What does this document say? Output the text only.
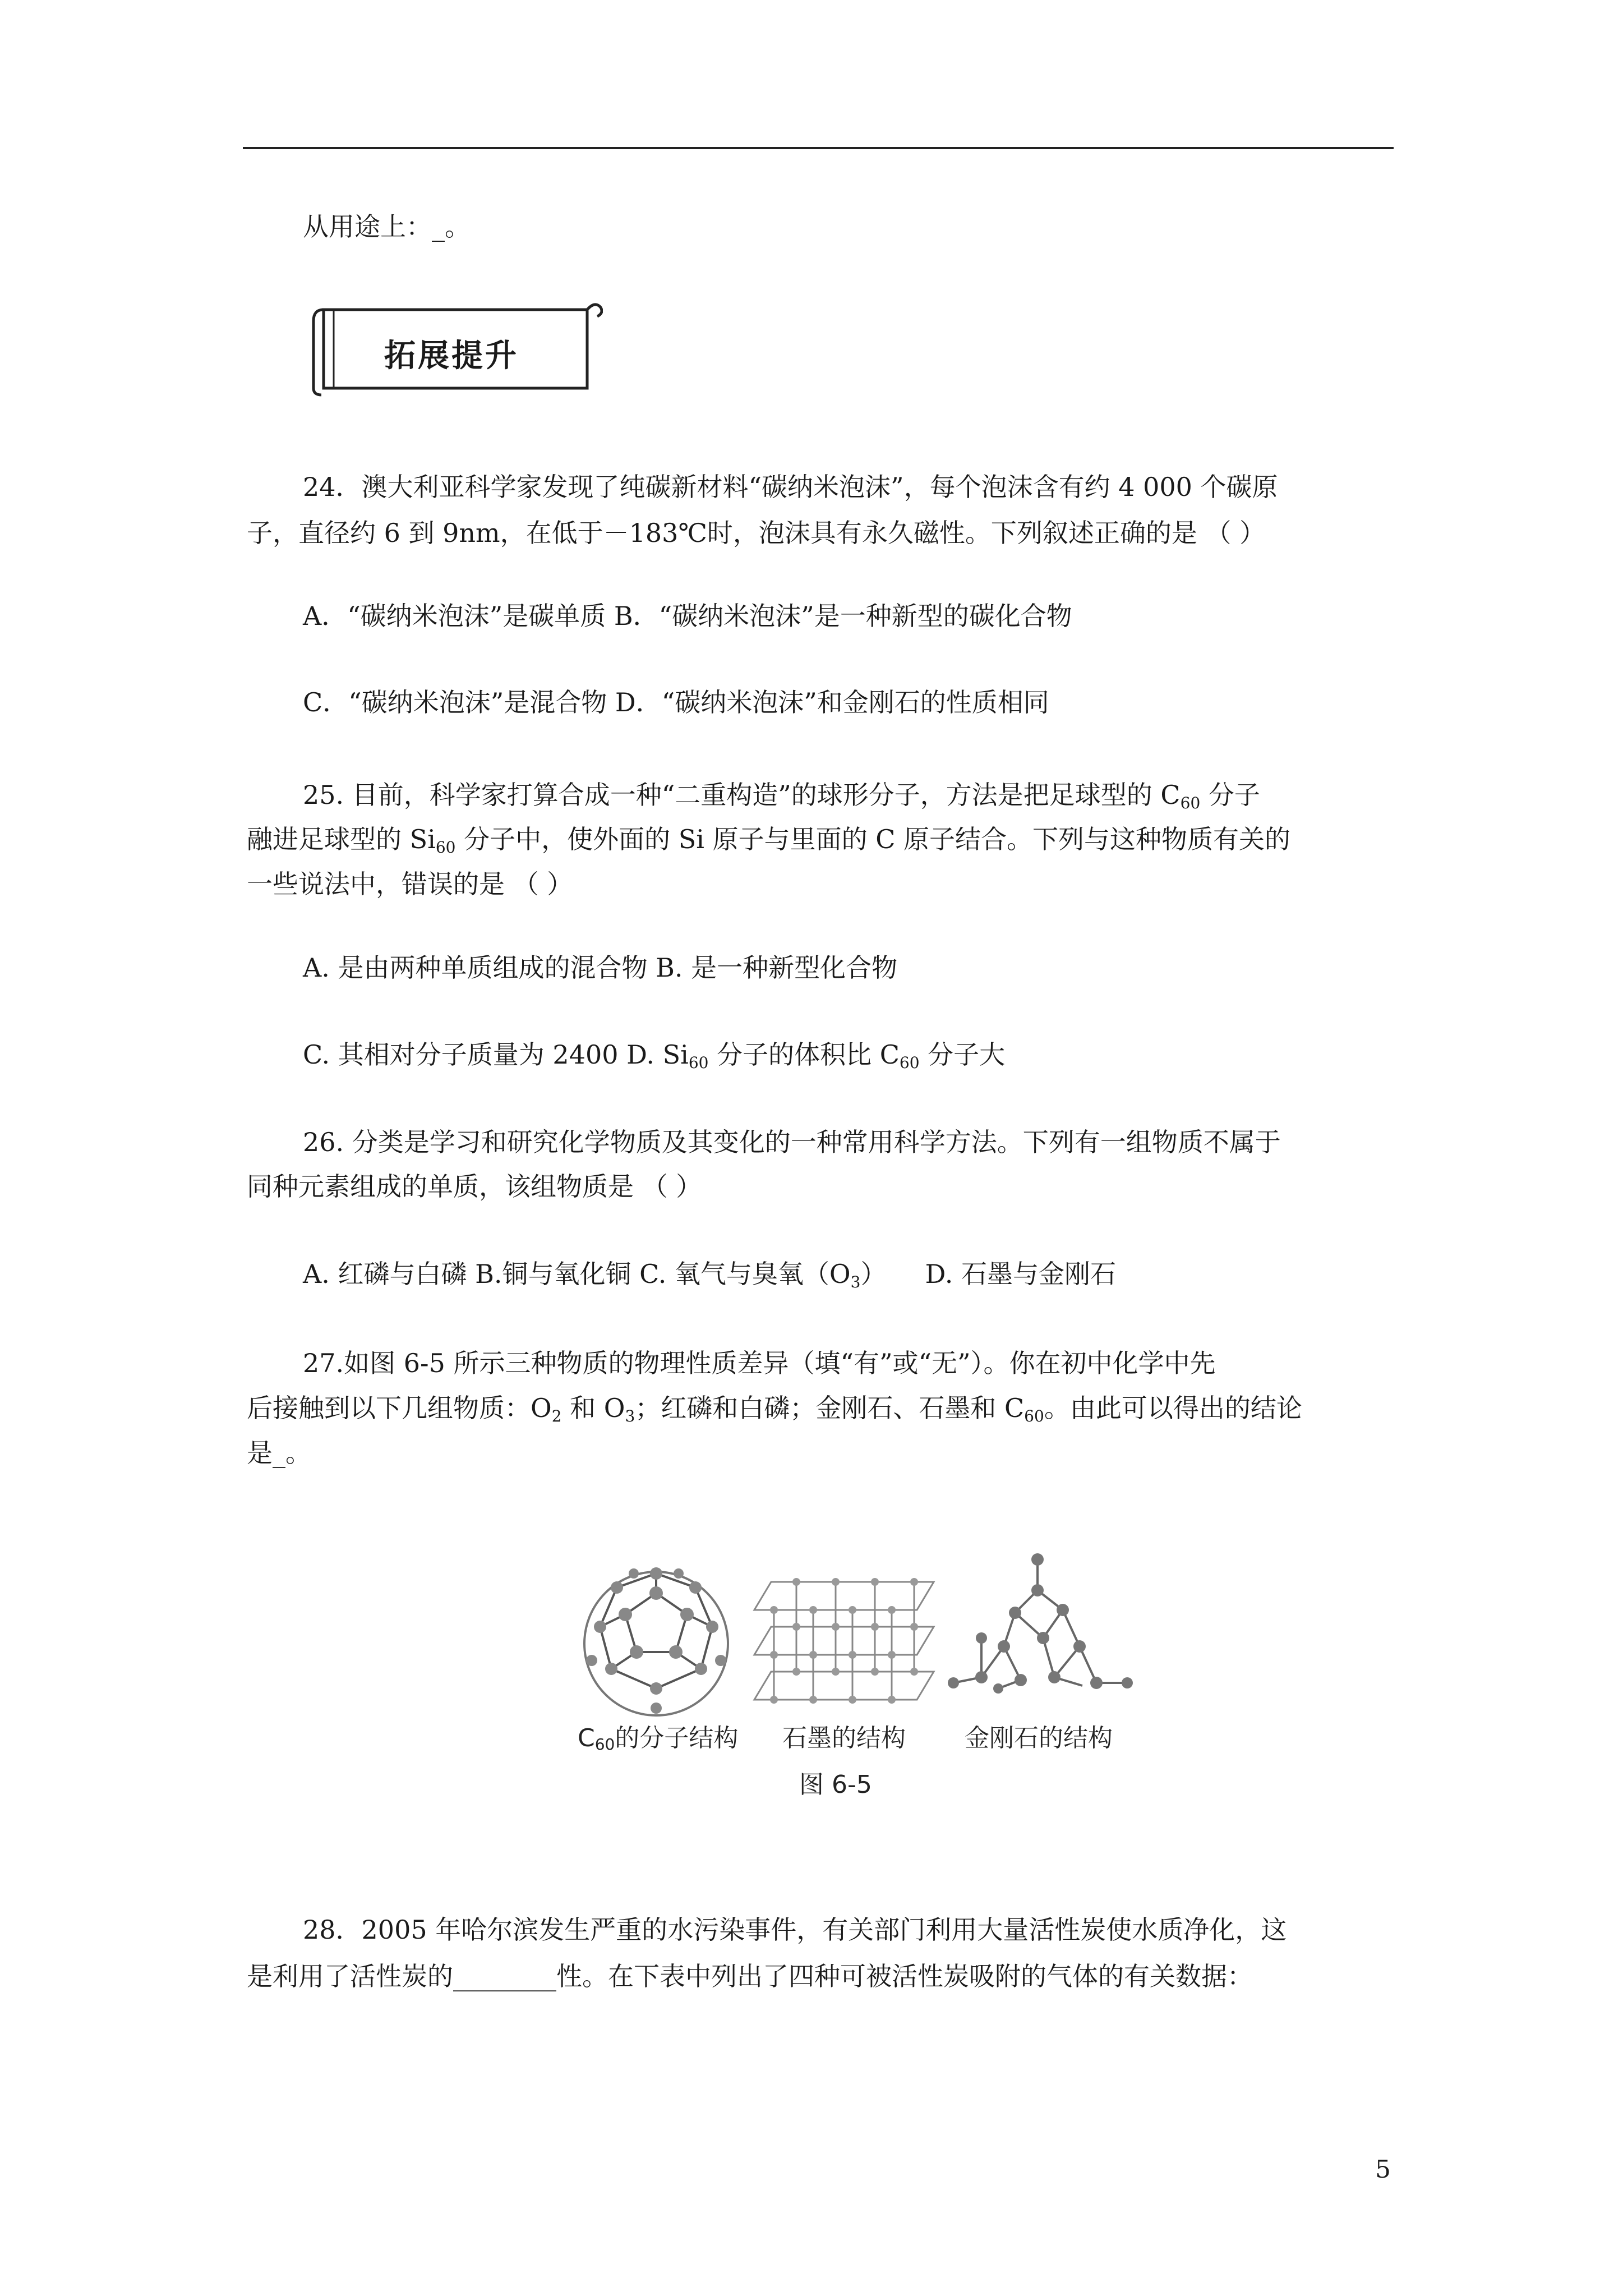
从用途上：_。
拓展提升
24．澳大利亚科学家发现了纯碳新材料“碳纳米泡沫”，每个泡沫含有约 4 000 个碳原
子，直径约 6 到 9nm，在低于－183℃时，泡沫具有永久磁性。下列叙述正确的是 （ ）
A．“碳纳米泡沫”是碳单质 B．“碳纳米泡沫”是一种新型的碳化合物
C．“碳纳米泡沫”是混合物 D．“碳纳米泡沫”和金刚石的性质相同
25. 目前，科学家打算合成一种“二重构造”的球形分子，方法是把足球型的 $C_{60}$ 分子
融进足球型的 $Si_{60}$ 分子中，使外面的 Si 原子与里面的 C 原子结合。下列与这种物质有关的
一些说法中，错误的是 （ ）
A. 是由两种单质组成的混合物 B. 是一种新型化合物
C. 其相对分子质量为 2400 D. $Si_{60}$ 分子的体积比 $C_{60}$ 分子大
26. 分类是学习和研究化学物质及其变化的一种常用科学方法。下列有一组物质不属于
同种元素组成的单质，该组物质是 （ ）
A. 红磷与白磷 B.铜与氧化铜 C. 氧气与臭氧$(O_3)$　　D. 石墨与金刚石
27.如图 6-5 所示三种物质的物理性质差异（填“有”或“无”）。你在初中化学中先
后接触到以下几组物质：$O_2$ 和 $O_3$；红磷和白磷；金刚石、石墨和 $C_{60}$。由此可以得出的结论
是_。
$C_{60}$的分子结构 石墨的结构 金刚石的结构
图 6-5
28．2005 年哈尔滨发生严重的水污染事件，有关部门利用大量活性炭使水质净化，这
是利用了活性炭的________性。在下表中列出了四种可被活性炭吸附的气体的有关数据：
5
